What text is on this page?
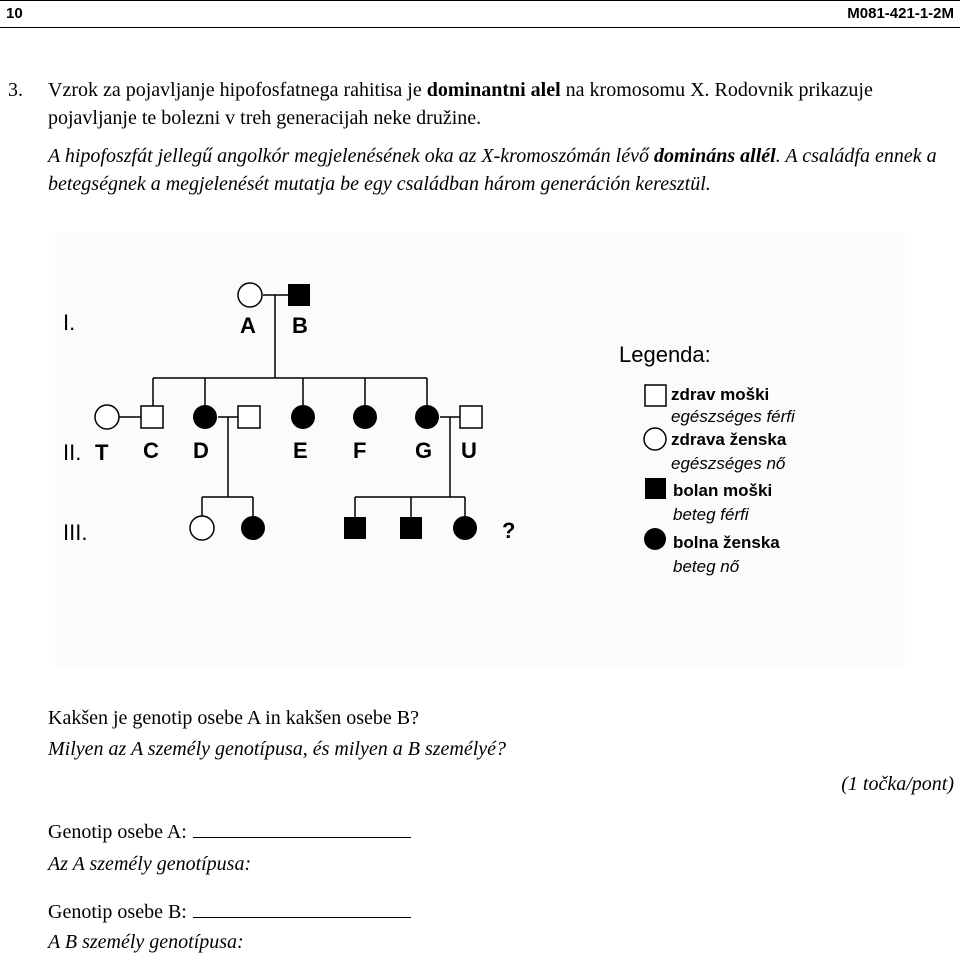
10	M081-421-1-2M
3. Vzrok za pojavljanje hipofosfatnega rahitisa je dominantni alel na kromosomu X. Rodovnik prikazuje pojavljanje te bolezni v treh generacijah neke družine.
A hipofoszfát jellegű angolkór megjelenésének oka az X-kromoszómán lévő domináns allél. A családfa ennek a betegségnek a megjelenését mutatja be egy családban három generáción keresztül.
I.
II.
III.
A B
T C D	E F G U
?
Legenda:
zdrav moški
egészséges férfi
zdrava ženska
egészséges nő
bolan moški
beteg férfi
bolna ženska
beteg nő
Kakšen je genotip osebe A in kakšen osebe B?
Milyen az A személy genotípusa, és milyen a B személyé?
(1 točka/pont)
Genotip osebe A:
Az A személy genotípusa:
Genotip osebe B:
A B személy genotípusa:
